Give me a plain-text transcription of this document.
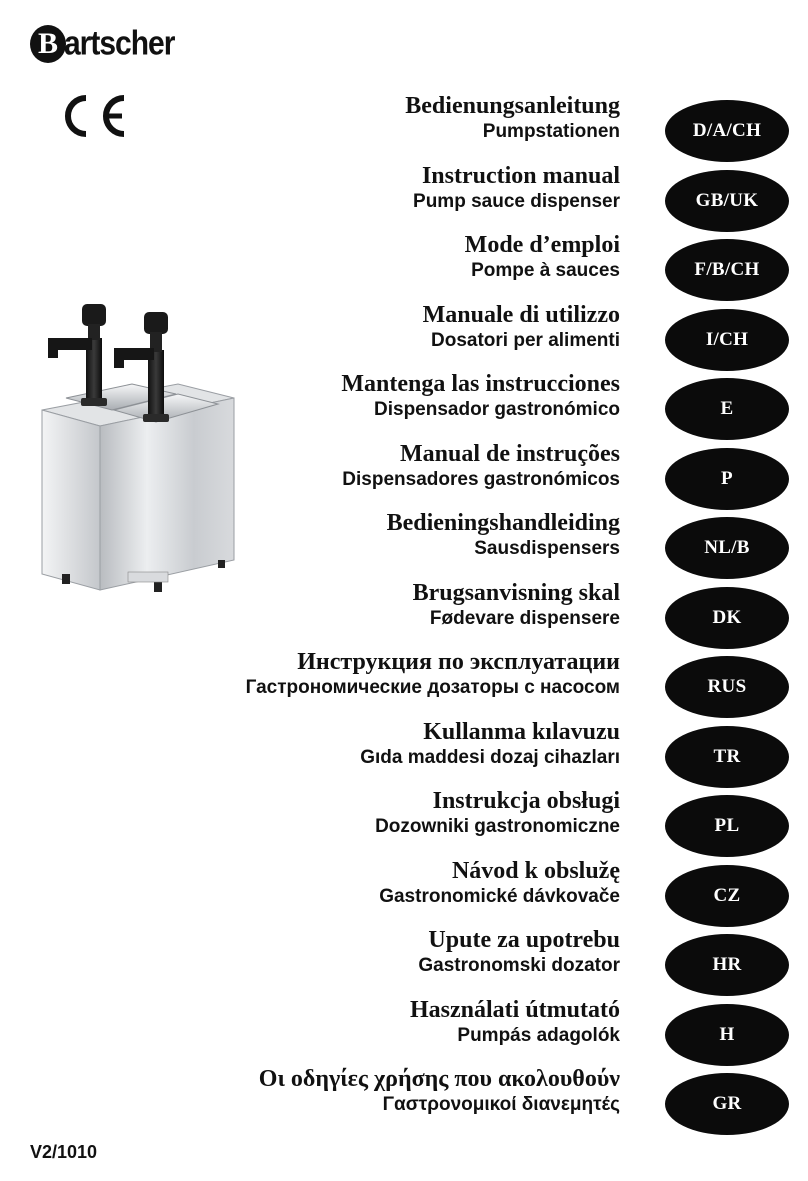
B artscher
Bedienungsanleitung
Pumpstationen	D/A/CH
Instruction manual
Pump sauce dispenser	GB/UK
Mode d’emploi
Pompe à sauces	F/B/CH
Manuale di utilizzo
Dosatori per alimenti	I/CH
Mantenga las instrucciones
Dispensador gastronómico	E
Manual de instruções
Dispensadores gastronómicos	P
Bedieningshandleiding
Sausdispensers	NL/B
Brugsanvisning skal
Fødevare dispensere	DK
Инструкция по эксплуатации
Гастрономические дозаторы с насосом	RUS
Kullanma kılavuzu
Gıda maddesi dozaj cihazları	TR
Instrukcja obsługi
Dozowniki gastronomiczne	PL
Návod k obslužę
Gastronomické dávkovače	CZ
Upute za upotrebu
Gastronomski dozator	HR
Használati útmutató
Pumpás adagolók	H
Οι οδηγίες χρήσης που ακολουθούν
Γαστρονομικοί διανεμητές	GR
V2/1010
